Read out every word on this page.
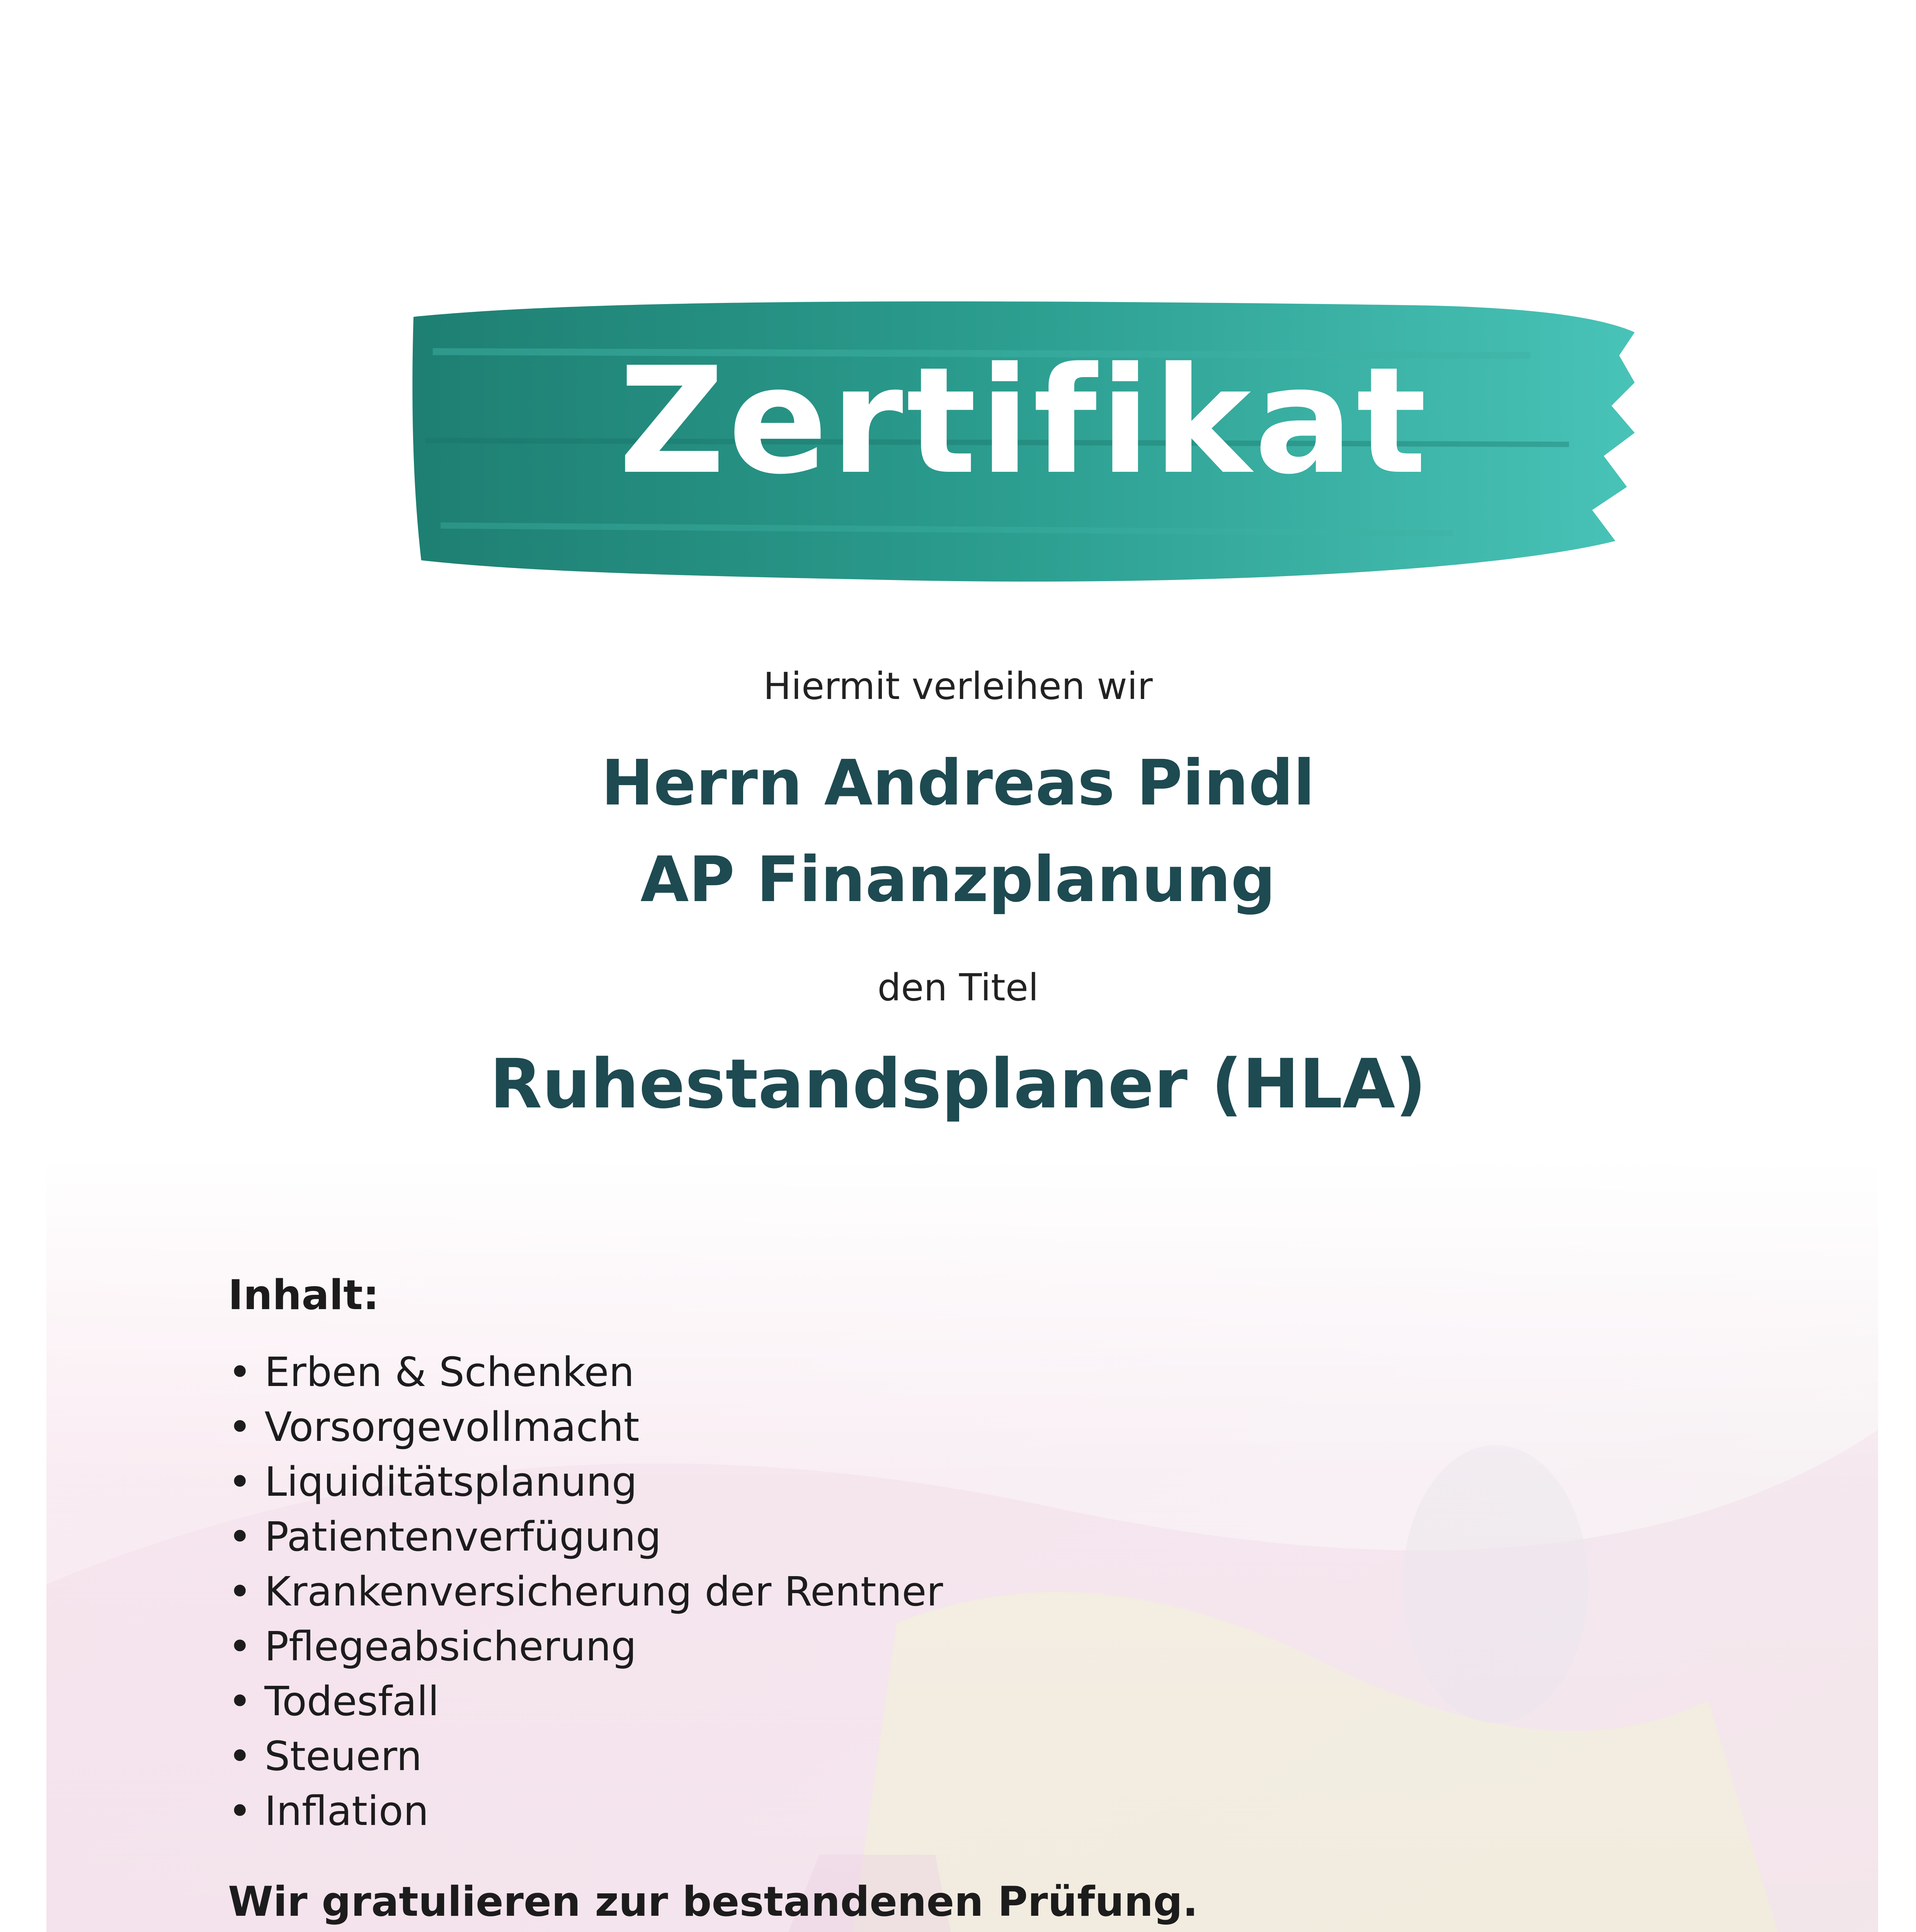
Zertifikat
Hiermit verleihen wir
Herrn Andreas Pindl
AP Finanzplanung
den Titel
Ruhestandsplaner (HLA)
Inhalt:
• Erben & Schenken
• Vorsorgevollmacht
• Liquiditätsplanung
• Patientenverfügung
• Krankenversicherung der Rentner
• Pflegeabsicherung
• Todesfall
• Steuern
• Inflation
Wir gratulieren zur bestandenen Prüfung.
